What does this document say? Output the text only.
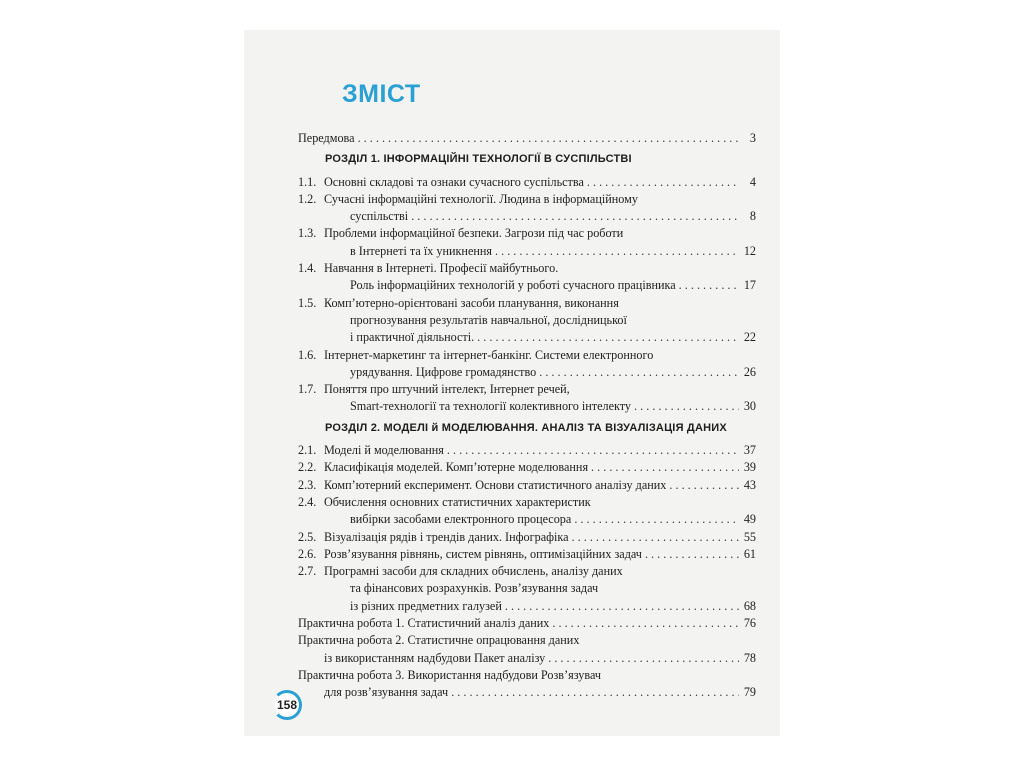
ЗМІСТ
Передмова . . .	3
РОЗДІЛ 1. ІНФОРМАЦІЙНІ ТЕХНОЛОГІЇ В СУСПІЛЬСТВІ
1.1. Основні складові та ознаки сучасного суспільства . . .	4
1.2. Сучасні інформаційні технології. Людина в інформаційному
суспільстві . . .	8
1.3. Проблеми інформаційної безпеки. Загрози під час роботи
в Інтернеті та їх уникнення . . .	12
1.4. Навчання в Інтернеті. Професії майбутнього.
Роль інформаційних технологій у роботі сучасного працівника . . .	17
1.5. Комп’ютерно-орієнтовані засоби планування, виконання
прогнозування результатів навчальної, дослідницької
і практичної діяльності. . . .	22
1.6. Інтернет-маркетинг та інтернет-банкінг. Системи електронного
урядування. Цифрове громадянство . . .	26
1.7. Поняття про штучний інтелект, Інтернет речей,
Smart-технології та технології колективного інтелекту . . .	30
РОЗДІЛ 2. МОДЕЛІ й МОДЕЛЮВАННЯ. АНАЛІЗ ТА ВІЗУАЛІЗАЦІЯ ДАНИХ
2.1. Моделі й моделювання . . .	37
2.2. Класифікація моделей. Комп’ютерне моделювання . . .	39
2.3. Комп’ютерний експеримент. Основи статистичного аналізу даних . . .	43
2.4. Обчислення основних статистичних характеристик
вибірки засобами електронного процесора . . .	49
2.5. Візуалізація рядів і трендів даних. Інфографіка . . .	55
2.6. Розв’язування рівнянь, систем рівнянь, оптимізаційних задач . . .	61
2.7. Програмні засоби для складних обчислень, аналізу даних
та фінансових розрахунків. Розв’язування задач
із різних предметних галузей . . .	68
Практична робота 1. Статистичний аналіз даних . . .	76
Практична робота 2. Статистичне опрацювання даних
із використанням надбудови Пакет аналізу . . .	78
Практична робота 3. Використання надбудови Розв’язувач
для розв’язування задач . . .	79
158
